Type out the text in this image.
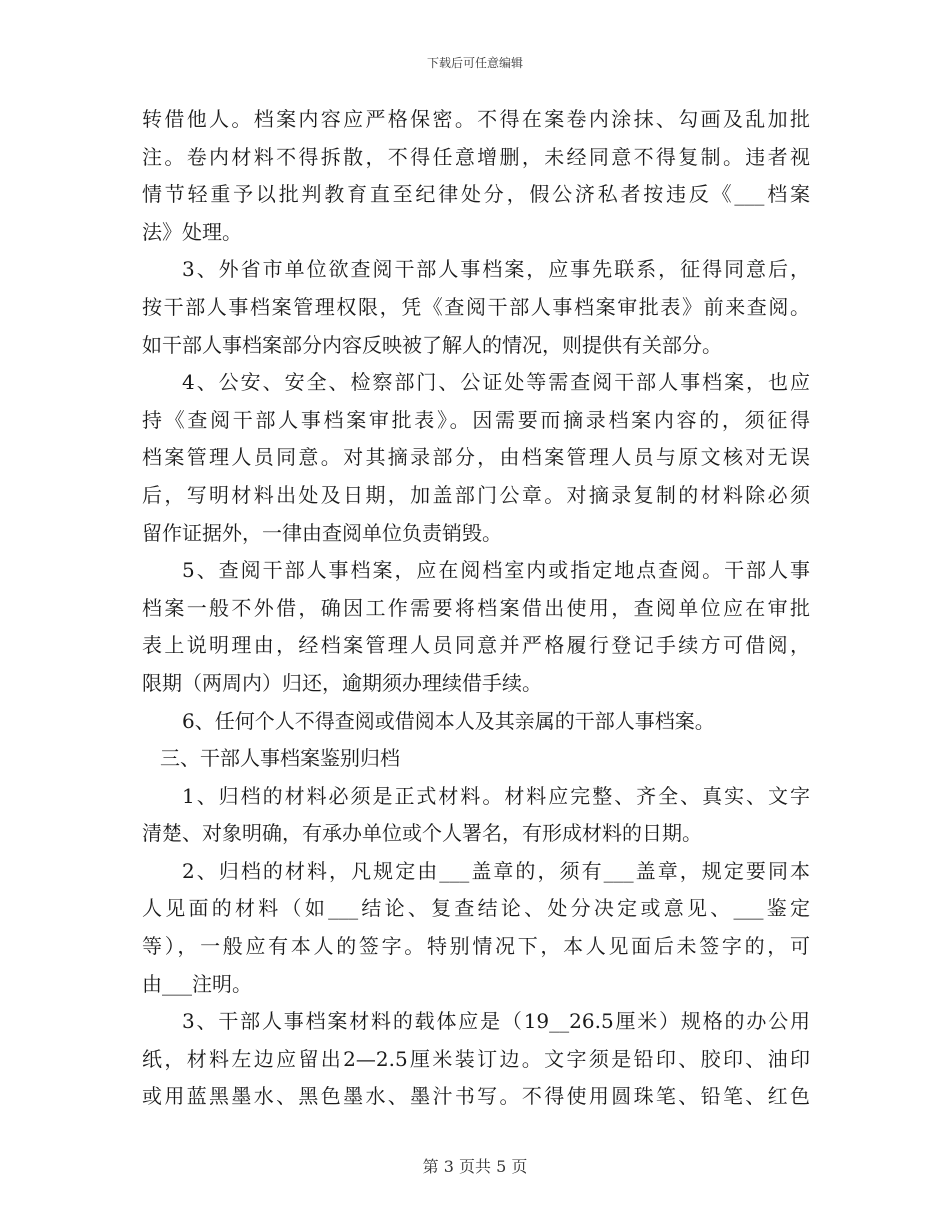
下载后可任意编辑
转借他人。档案内容应严格保密。不得在案卷内涂抹、勾画及乱加批
注。卷内材料不得拆散，不得任意增删，未经同意不得复制。违者视
情节轻重予以批判教育直至纪律处分，假公济私者按违反《___档案
法》处理。
3、外省市单位欲查阅干部人事档案，应事先联系，征得同意后，
按干部人事档案管理权限，凭《查阅干部人事档案审批表》前来查阅。
如干部人事档案部分内容反映被了解人的情况，则提供有关部分。
4、公安、安全、检察部门、公证处等需查阅干部人事档案，也应
持《查阅干部人事档案审批表》。因需要而摘录档案内容的，须征得
档案管理人员同意。对其摘录部分，由档案管理人员与原文核对无误
后，写明材料出处及日期，加盖部门公章。对摘录复制的材料除必须
留作证据外，一律由查阅单位负责销毁。
5、查阅干部人事档案，应在阅档室内或指定地点查阅。干部人事
档案一般不外借，确因工作需要将档案借出使用，查阅单位应在审批
表上说明理由，经档案管理人员同意并严格履行登记手续方可借阅，
限期（两周内）归还，逾期须办理续借手续。
6、任何个人不得查阅或借阅本人及其亲属的干部人事档案。
三、干部人事档案鉴别归档
1、归档的材料必须是正式材料。材料应完整、齐全、真实、文字
清楚、对象明确，有承办单位或个人署名，有形成材料的日期。
2、归档的材料，凡规定由___盖章的，须有___盖章，规定要同本
人见面的材料（如___结论、复查结论、处分决定或意见、___鉴定
等），一般应有本人的签字。特别情况下，本人见面后未签字的，可
由___注明。
3、干部人事档案材料的载体应是（19__26.5厘米）规格的办公用
纸，材料左边应留出2—2.5厘米装订边。文字须是铅印、胶印、油印
或用蓝黑墨水、黑色墨水、墨汁书写。不得使用圆珠笔、铅笔、红色
第 3 页共 5 页
